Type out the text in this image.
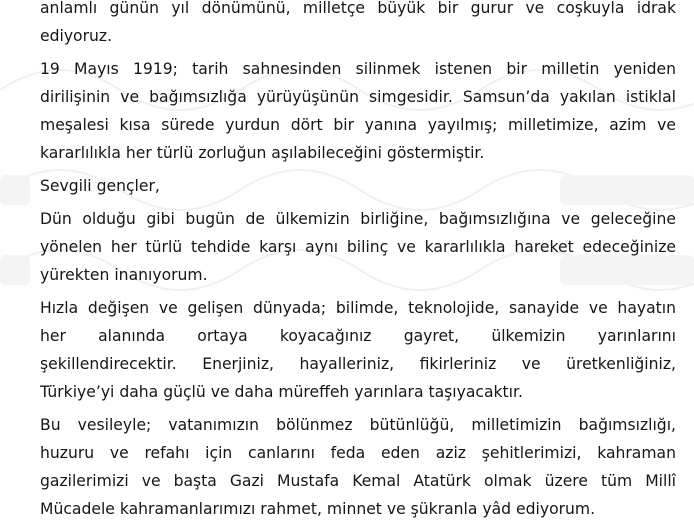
anlamlı günün yıl dönümünü, milletçe büyük bir gurur ve coşkuyla idrak
ediyoruz.
19 Mayıs 1919; tarih sahnesinden silinmek istenen bir milletin yeniden
dirilişinin ve bağımsızlığa yürüyüşünün simgesidir. Samsun’da yakılan istiklal
meşalesi kısa sürede yurdun dört bir yanına yayılmış; milletimize, azim ve
kararlılıkla her türlü zorluğun aşılabileceğini göstermiştir.
Sevgili gençler,
Dün olduğu gibi bugün de ülkemizin birliğine, bağımsızlığına ve geleceğine
yönelen her türlü tehdide karşı aynı bilinç ve kararlılıkla hareket edeceğinize
yürekten inanıyorum.
Hızla değişen ve gelişen dünyada; bilimde, teknolojide, sanayide ve hayatın
her alanında ortaya koyacağınız gayret, ülkemizin yarınlarını
şekillendirecektir. Enerjiniz, hayalleriniz, fikirleriniz ve üretkenliğiniz,
Türkiye’yi daha güçlü ve daha müreffeh yarınlara taşıyacaktır.
Bu vesileyle; vatanımızın bölünmez bütünlüğü, milletimizin bağımsızlığı,
huzuru ve refahı için canlarını feda eden aziz şehitlerimizi, kahraman
gazilerimizi ve başta Gazi Mustafa Kemal Atatürk olmak üzere tüm Millî
Mücadele kahramanlarımızı rahmet, minnet ve şükranla yâd ediyorum.
